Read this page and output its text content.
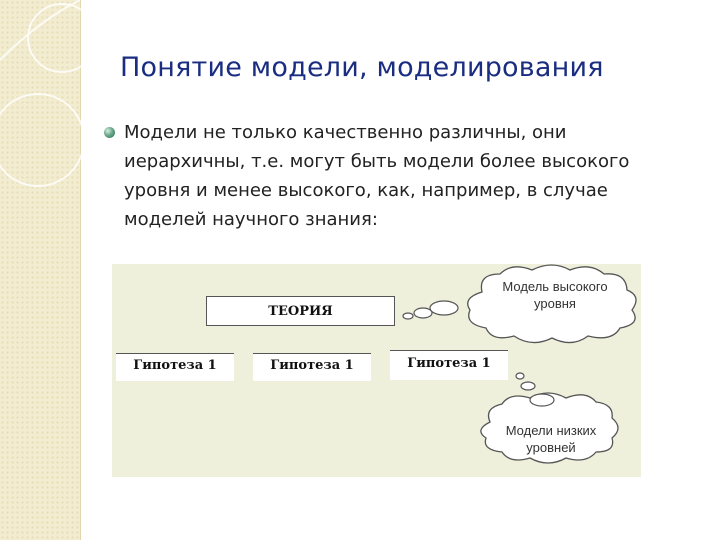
Понятие модели, моделирования
Модели не только качественно различны, они
иерархичны, т.е. могут быть модели более высокого
уровня и менее высокого, как, например, в случае
моделей научного знания:
ТЕОРИЯ
Гипотеза 1	Гипотеза 1	Гипотеза 1
Модель высокого
уровня
Модели низких
уровней
